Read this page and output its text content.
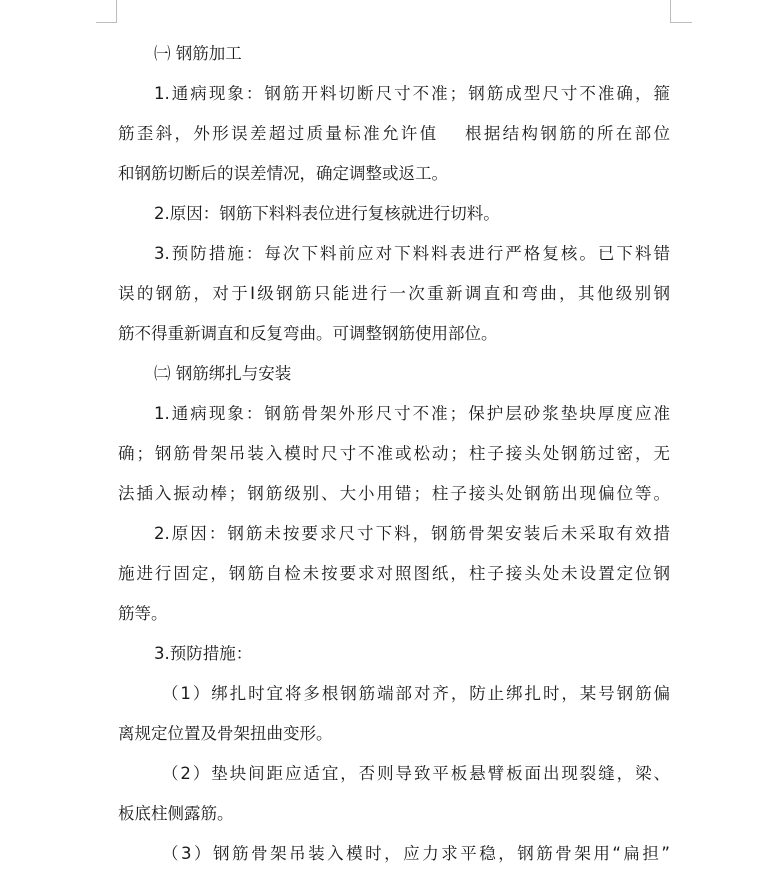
㈠ 钢筋加工
1.通病现象：钢筋开料切断尺寸不准；钢筋成型尺寸不准确，箍
筋歪斜，外形误差超过质量标准允许值　 根据结构钢筋的所在部位
和钢筋切断后的误差情况，确定调整或返工。
2.原因：钢筋下料料表位进行复核就进行切料。
3.预防措施：每次下料前应对下料料表进行严格复核。已下料错
误的钢筋，对于Ⅰ级钢筋只能进行一次重新调直和弯曲，其他级别钢
筋不得重新调直和反复弯曲。可调整钢筋使用部位。
㈡ 钢筋绑扎与安装
1.通病现象：钢筋骨架外形尺寸不准；保护层砂浆垫块厚度应准
确；钢筋骨架吊装入模时尺寸不准或松动；柱子接头处钢筋过密，无
法插入振动棒；钢筋级别、大小用错；柱子接头处钢筋出现偏位等。
2.原因：钢筋未按要求尺寸下料，钢筋骨架安装后未采取有效措
施进行固定，钢筋自检未按要求对照图纸，柱子接头处未设置定位钢
筋等。
3.预防措施：
（1）绑扎时宜将多根钢筋端部对齐，防止绑扎时，某号钢筋偏
离规定位置及骨架扭曲变形。
（2）垫块间距应适宜，否则导致平板悬臂板面出现裂缝，梁、
板底柱侧露筋。
（3）钢筋骨架吊装入模时，应力求平稳，钢筋骨架用“扁担”
